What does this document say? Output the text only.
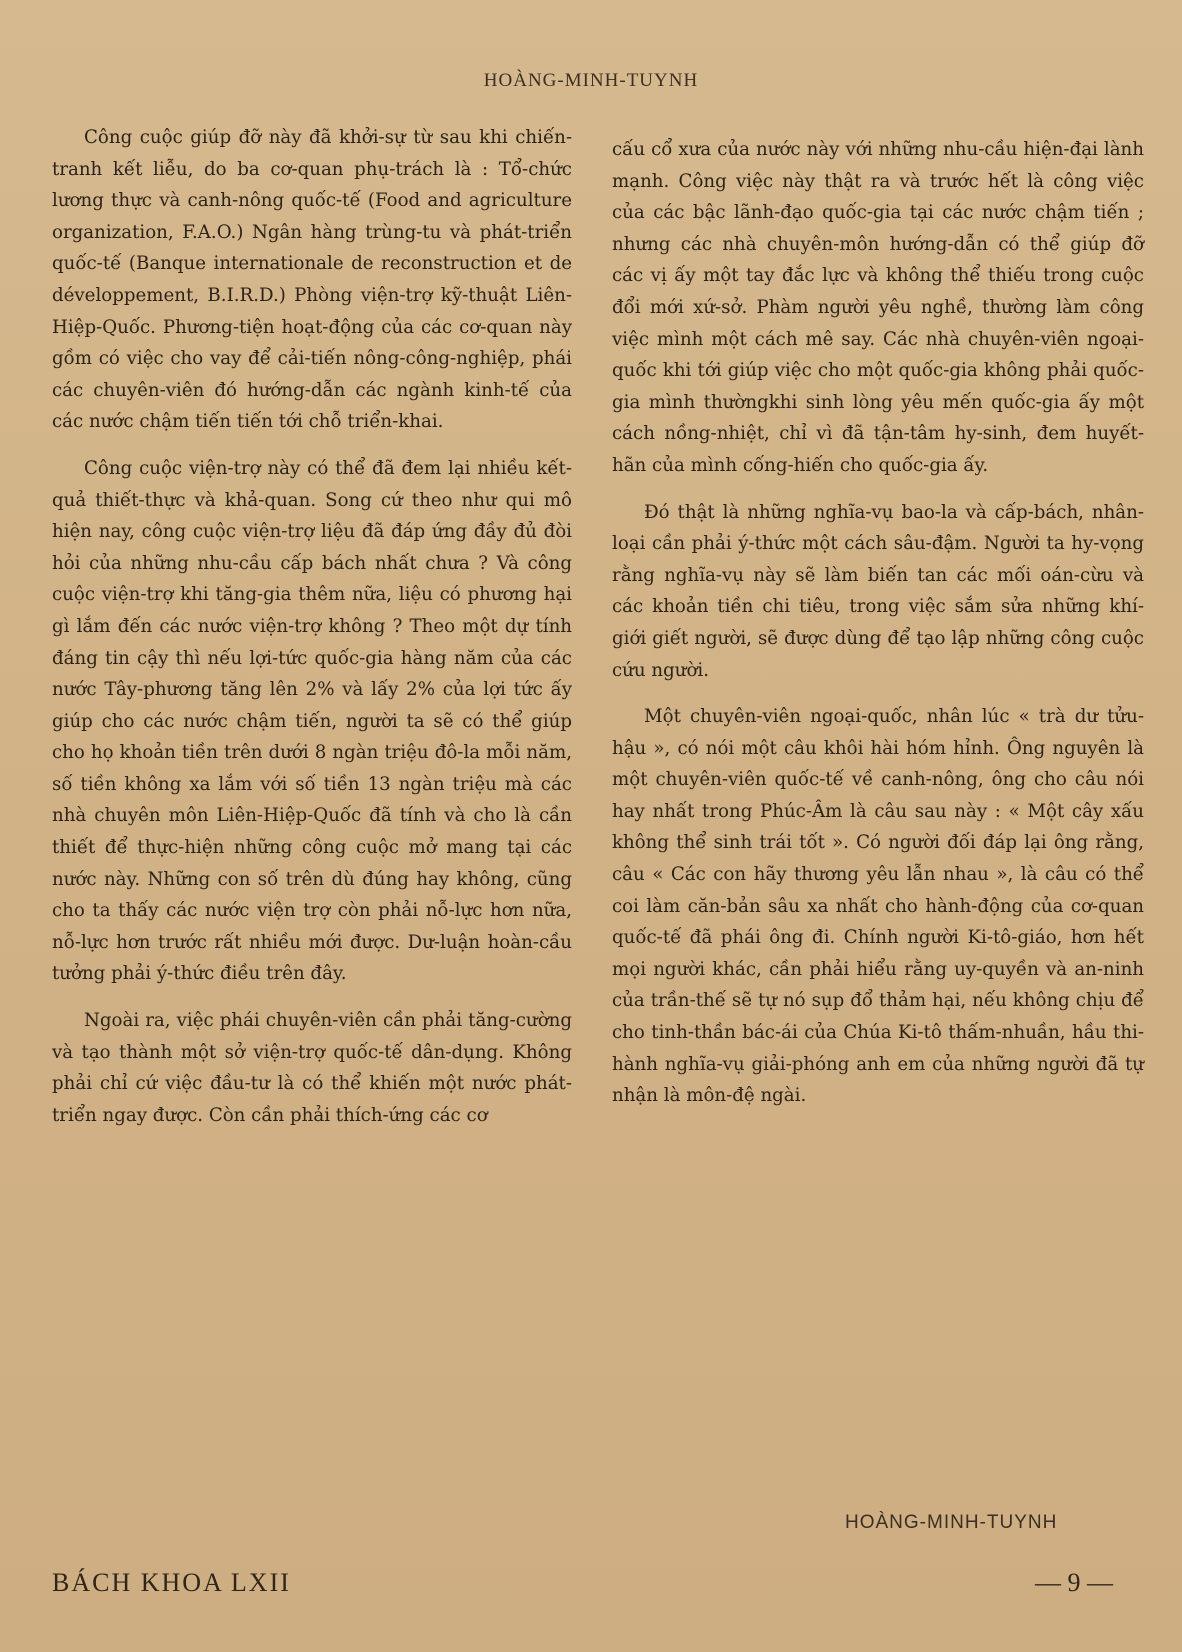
HOÀNG-MINH-TUYNH

Công cuộc giúp đỡ này đã khởi-sự từ sau khi chiến-tranh kết liễu, do ba cơ-quan phụ-trách là : Tổ-chức lương thực và canh-nông quốc-tế (Food and agriculture organization, F.A.O.) Ngân hàng trùng-tu và phát-triển quốc-tế (Banque internationale de reconstruction et de développement, B.I.R.D.) Phòng viện-trợ kỹ-thuật Liên-Hiệp-Quốc. Phương-tiện hoạt-động của các cơ-quan này gồm có việc cho vay để cải-tiến nông-công-nghiệp, phái các chuyên-viên đó hướng-dẫn các ngành kinh-tế của các nước chậm tiến tiến tới chỗ triển-khai.

Công cuộc viện-trợ này có thể đã đem lại nhiều kết-quả thiết-thực và khả-quan. Song cứ theo như qui mô hiện nay, công cuộc viện-trợ liệu đã đáp ứng đầy đủ đòi hỏi của những nhu-cầu cấp bách nhất chưa ? Và công cuộc viện-trợ khi tăng-gia thêm nữa, liệu có phương hại gì lắm đến các nước viện-trợ không ? Theo một dự tính đáng tin cậy thì nếu lợi-tức quốc-gia hàng năm của các nước Tây-phương tăng lên 2% và lấy 2% của lợi tức ấy giúp cho các nước chậm tiến, người ta sẽ có thể giúp cho họ khoản tiền trên dưới 8 ngàn triệu đô-la mỗi năm, số tiền không xa lắm với số tiền 13 ngàn triệu mà các nhà chuyên môn Liên-Hiệp-Quốc đã tính và cho là cần thiết để thực-hiện những công cuộc mở mang tại các nước này. Những con số trên dù đúng hay không, cũng cho ta thấy các nước viện trợ còn phải nỗ-lực hơn nữa, nỗ-lực hơn trước rất nhiều mới được. Dư-luận hoàn-cầu tưởng phải ý-thức điều trên đây.

Ngoài ra, việc phái chuyên-viên cần phải tăng-cường và tạo thành một sở viện-trợ quốc-tế dân-dụng. Không phải chỉ cứ việc đầu-tư là có thể khiến một nước phát-triển ngay được. Còn cần phải thích-ứng các cơ

cấu cổ xưa của nước này với những nhu-cầu hiện-đại lành mạnh. Công việc này thật ra và trước hết là công việc của các bậc lãnh-đạo quốc-gia tại các nước chậm tiến ; nhưng các nhà chuyên-môn hướng-dẫn có thể giúp đỡ các vị ấy một tay đắc lực và không thể thiếu trong cuộc đổi mới xứ-sở. Phàm người yêu nghề, thường làm công việc mình một cách mê say. Các nhà chuyên-viên ngoại-quốc khi tới giúp việc cho một quốc-gia không phải quốc-gia mình thườngkhi sinh lòng yêu mến quốc-gia ấy một cách nồng-nhiệt, chỉ vì đã tận-tâm hy-sinh, đem huyết-hãn của mình cống-hiến cho quốc-gia ấy.

Đó thật là những nghĩa-vụ bao-la và cấp-bách, nhân-loại cần phải ý-thức một cách sâu-đậm. Người ta hy-vọng rằng nghĩa-vụ này sẽ làm biến tan các mối oán-cừu và các khoản tiền chi tiêu, trong việc sắm sửa những khí-giới giết người, sẽ được dùng để tạo lập những công cuộc cứu người.

Một chuyên-viên ngoại-quốc, nhân lúc « trà dư tửu-hậu », có nói một câu khôi hài hóm hỉnh. Ông nguyên là một chuyên-viên quốc-tế về canh-nông, ông cho câu nói hay nhất trong Phúc-Âm là câu sau này : « Một cây xấu không thể sinh trái tốt ». Có người đối đáp lại ông rằng, câu « Các con hãy thương yêu lẫn nhau », là câu có thể coi làm căn-bản sâu xa nhất cho hành-động của cơ-quan quốc-tế đã phái ông đi. Chính người Ki-tô-giáo, hơn hết mọi người khác, cần phải hiểu rằng uy-quyền và an-ninh của trần-thế sẽ tự nó sụp đổ thảm hại, nếu không chịu để cho tinh-thần bác-ái của Chúa Ki-tô thấm-nhuần, hầu thi-hành nghĩa-vụ giải-phóng anh em của những người đã tự nhận là môn-đệ ngài.

HOÀNG-MINH-TUYNH
BÁCH KHOA LXII	— 9 —
